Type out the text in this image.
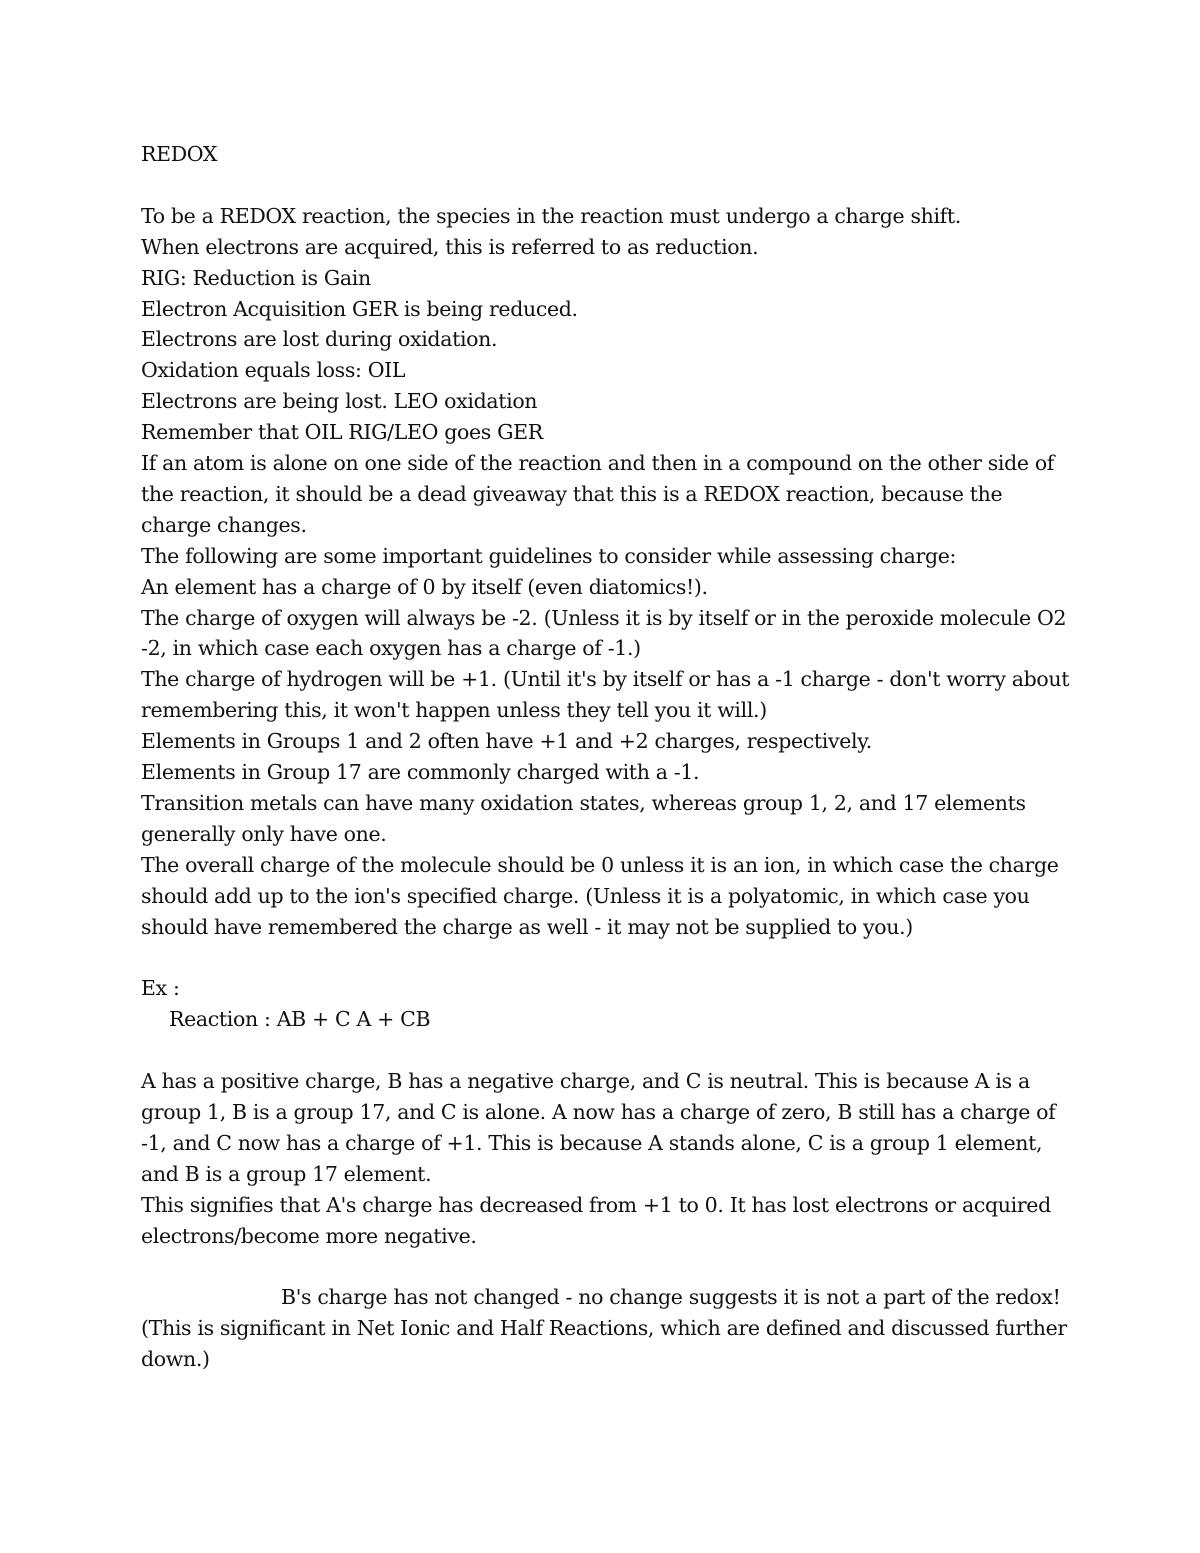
REDOX
To be a REDOX reaction, the species in the reaction must undergo a charge shift.
When electrons are acquired, this is referred to as reduction.
RIG: Reduction is Gain
Electron Acquisition GER is being reduced.
Electrons are lost during oxidation.
Oxidation equals loss: OIL
Electrons are being lost. LEO oxidation
Remember that OIL RIG/LEO goes GER
If an atom is alone on one side of the reaction and then in a compound on the other side of the reaction, it should be a dead giveaway that this is a REDOX reaction, because the charge changes.
The following are some important guidelines to consider while assessing charge:
An element has a charge of 0 by itself (even diatomics!).
The charge of oxygen will always be -2. (Unless it is by itself or in the peroxide molecule O2 -2, in which case each oxygen has a charge of -1.)
The charge of hydrogen will be +1. (Until it's by itself or has a -1 charge - don't worry about remembering this, it won't happen unless they tell you it will.)
Elements in Groups 1 and 2 often have +1 and +2 charges, respectively.
Elements in Group 17 are commonly charged with a -1.
Transition metals can have many oxidation states, whereas group 1, 2, and 17 elements generally only have one.
The overall charge of the molecule should be 0 unless it is an ion, in which case the charge should add up to the ion's specified charge. (Unless it is a polyatomic, in which case you should have remembered the charge as well - it may not be supplied to you.)
Ex :
Reaction : AB + C A + CB
A has a positive charge, B has a negative charge, and C is neutral. This is because A is a group 1, B is a group 17, and C is alone. A now has a charge of zero, B still has a charge of -1, and C now has a charge of +1. This is because A stands alone, C is a group 1 element, and B is a group 17 element.
This signifies that A's charge has decreased from +1 to 0. It has lost electrons or acquired electrons/become more negative.
B's charge has not changed - no change suggests it is not a part of the redox! (This is significant in Net Ionic and Half Reactions, which are defined and discussed further down.)
